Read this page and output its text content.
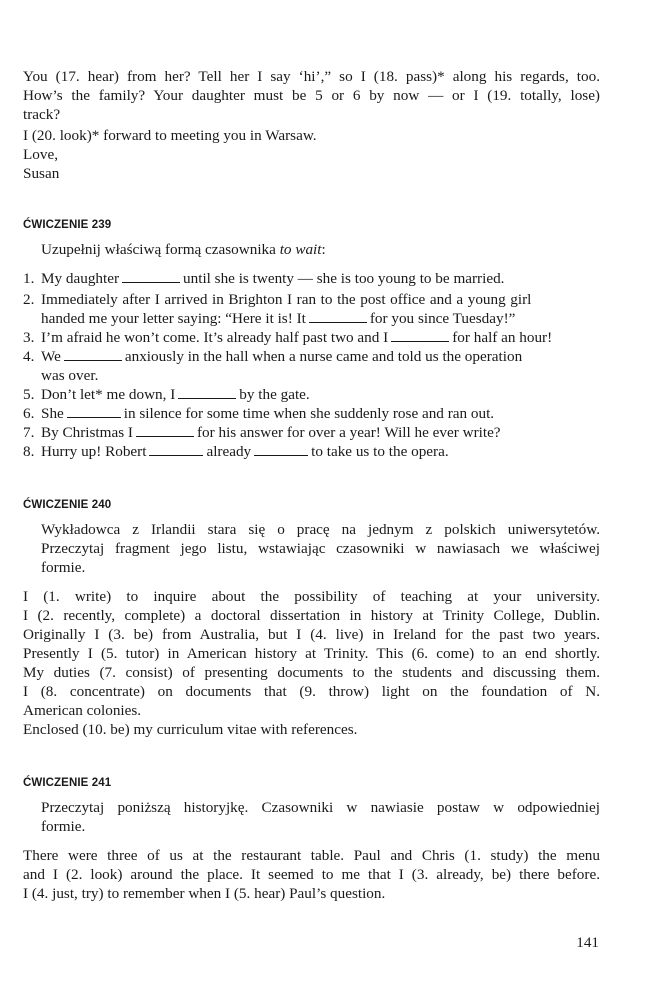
You (17. hear) from her? Tell her I say ‘hi’,” so I (18. pass)* along his regards, too.
How’s the family? Your daughter must be 5 or 6 by now — or I (19. totally, lose)
track?
I (20. look)* forward to meeting you in Warsaw.
Love,
Susan
ĆWICZENIE 239
Uzupełnij właściwą formą czasownika to wait:
1. My daughter	until she is twenty — she is too young to be married.
2. Immediately after I arrived in Brighton I ran to the post office and a young girl
handed me your letter saying: “Here it is! It	for you since Tuesday!”
3. I’m afraid he won’t come. It’s already half past two and I	for half an hour!
4. We	anxiously in the hall when a nurse came and told us the operation
was over.
5. Don’t let* me down, I	by the gate.
6. She	in silence for some time when she suddenly rose and ran out.
7. By Christmas I	for his answer for over a year! Will he ever write?
8. Hurry up! Robert	already	to take us to the opera.
ĆWICZENIE 240
Wykładowca z Irlandii stara się o pracę na jednym z polskich uniwersytetów.
Przeczytaj fragment jego listu, wstawiając czasowniki w nawiasach we właściwej
formie.
I (1. write) to inquire about the possibility of teaching at your university.
I (2. recently, complete) a doctoral dissertation in history at Trinity College, Dublin.
Originally I (3. be) from Australia, but I (4. live) in Ireland for the past two years.
Presently I (5. tutor) in American history at Trinity. This (6. come) to an end shortly.
My duties (7. consist) of presenting documents to the students and discussing them.
I (8. concentrate) on documents that (9. throw) light on the foundation of N.
American colonies.
Enclosed (10. be) my curriculum vitae with references.
ĆWICZENIE 241
Przeczytaj poniższą historyjkę. Czasowniki w nawiasie postaw w odpowiedniej
formie.
There were three of us at the restaurant table. Paul and Chris (1. study) the menu
and I (2. look) around the place. It seemed to me that I (3. already, be) there before.
I (4. just, try) to remember when I (5. hear) Paul’s question.
141
